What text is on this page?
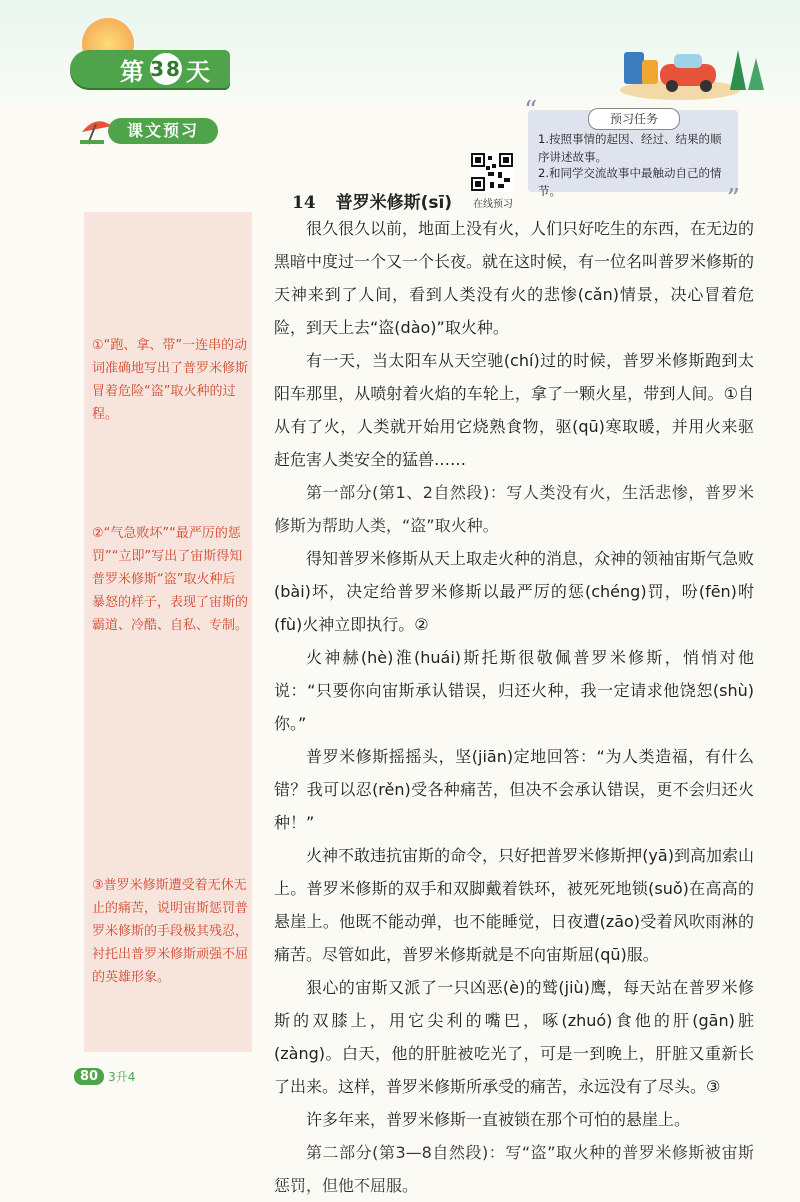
第 38 天
课文预习
“	预习任务
1.按照事情的起因、经过、结果的顺序讲述故事。
2.和同学交流故事中最触动自己的情节。	”
在线预习
14 普罗米修斯(sī)
①“跑、拿、带”一连串的动词准确地写出了普罗米修斯冒着危险“盗”取火种的过程。
②“气急败坏”“最严厉的惩罚”“立即”写出了宙斯得知普罗米修斯“盗”取火种后暴怒的样子，表现了宙斯的霸道、冷酷、自私、专制。
③普罗米修斯遭受着无休无止的痛苦，说明宙斯惩罚普罗米修斯的手段极其残忍，衬托出普罗米修斯顽强不屈的英雄形象。

很久很久以前，地面上没有火，人们只好吃生的东西，在无边的黑暗中度过一个又一个长夜。就在这时候，有一位名叫普罗米修斯的天神来到了人间，看到人类没有火的悲惨(cǎn)情景，决心冒着危险，到天上去“盗(dào)”取火种。

有一天，当太阳车从天空驰(chí)过的时候，普罗米修斯跑到太阳车那里，从喷射着火焰的车轮上，拿了一颗火星，带到人间。①自从有了火，人类就开始用它烧熟食物，驱(qū)寒取暖，并用火来驱赶危害人类安全的猛兽……

第一部分(第1、2自然段)：写人类没有火，生活悲惨，普罗米修斯为帮助人类，“盗”取火种。

得知普罗米修斯从天上取走火种的消息，众神的领袖宙斯气急败(bài)坏，决定给普罗米修斯以最严厉的惩(chéng)罚，吩(fēn)咐(fù)火神立即执行。②

火神赫(hè)淮(huái)斯托斯很敬佩普罗米修斯，悄悄对他说：“只要你向宙斯承认错误，归还火种，我一定请求他饶恕(shù)你。”

普罗米修斯摇摇头，坚(jiān)定地回答：“为人类造福，有什么错？我可以忍(rěn)受各种痛苦，但决不会承认错误，更不会归还火种！”

火神不敢违抗宙斯的命令，只好把普罗米修斯押(yā)到高加索山上。普罗米修斯的双手和双脚戴着铁环，被死死地锁(suǒ)在高高的悬崖上。他既不能动弹，也不能睡觉，日夜遭(zāo)受着风吹雨淋的痛苦。尽管如此，普罗米修斯就是不向宙斯屈(qū)服。

狠心的宙斯又派了一只凶恶(è)的鹫(jiù)鹰，每天站在普罗米修斯的双膝上，用它尖利的嘴巴，啄(zhuó)食他的肝(gān)脏(zàng)。白天，他的肝脏被吃光了，可是一到晚上，肝脏又重新长了出来。这样，普罗米修斯所承受的痛苦，永远没有了尽头。③

许多年来，普罗米修斯一直被锁在那个可怕的悬崖上。

第二部分(第3—8自然段)：写“盗”取火种的普罗米修斯被宙斯惩罚，但他不屈服。

80 3升4
